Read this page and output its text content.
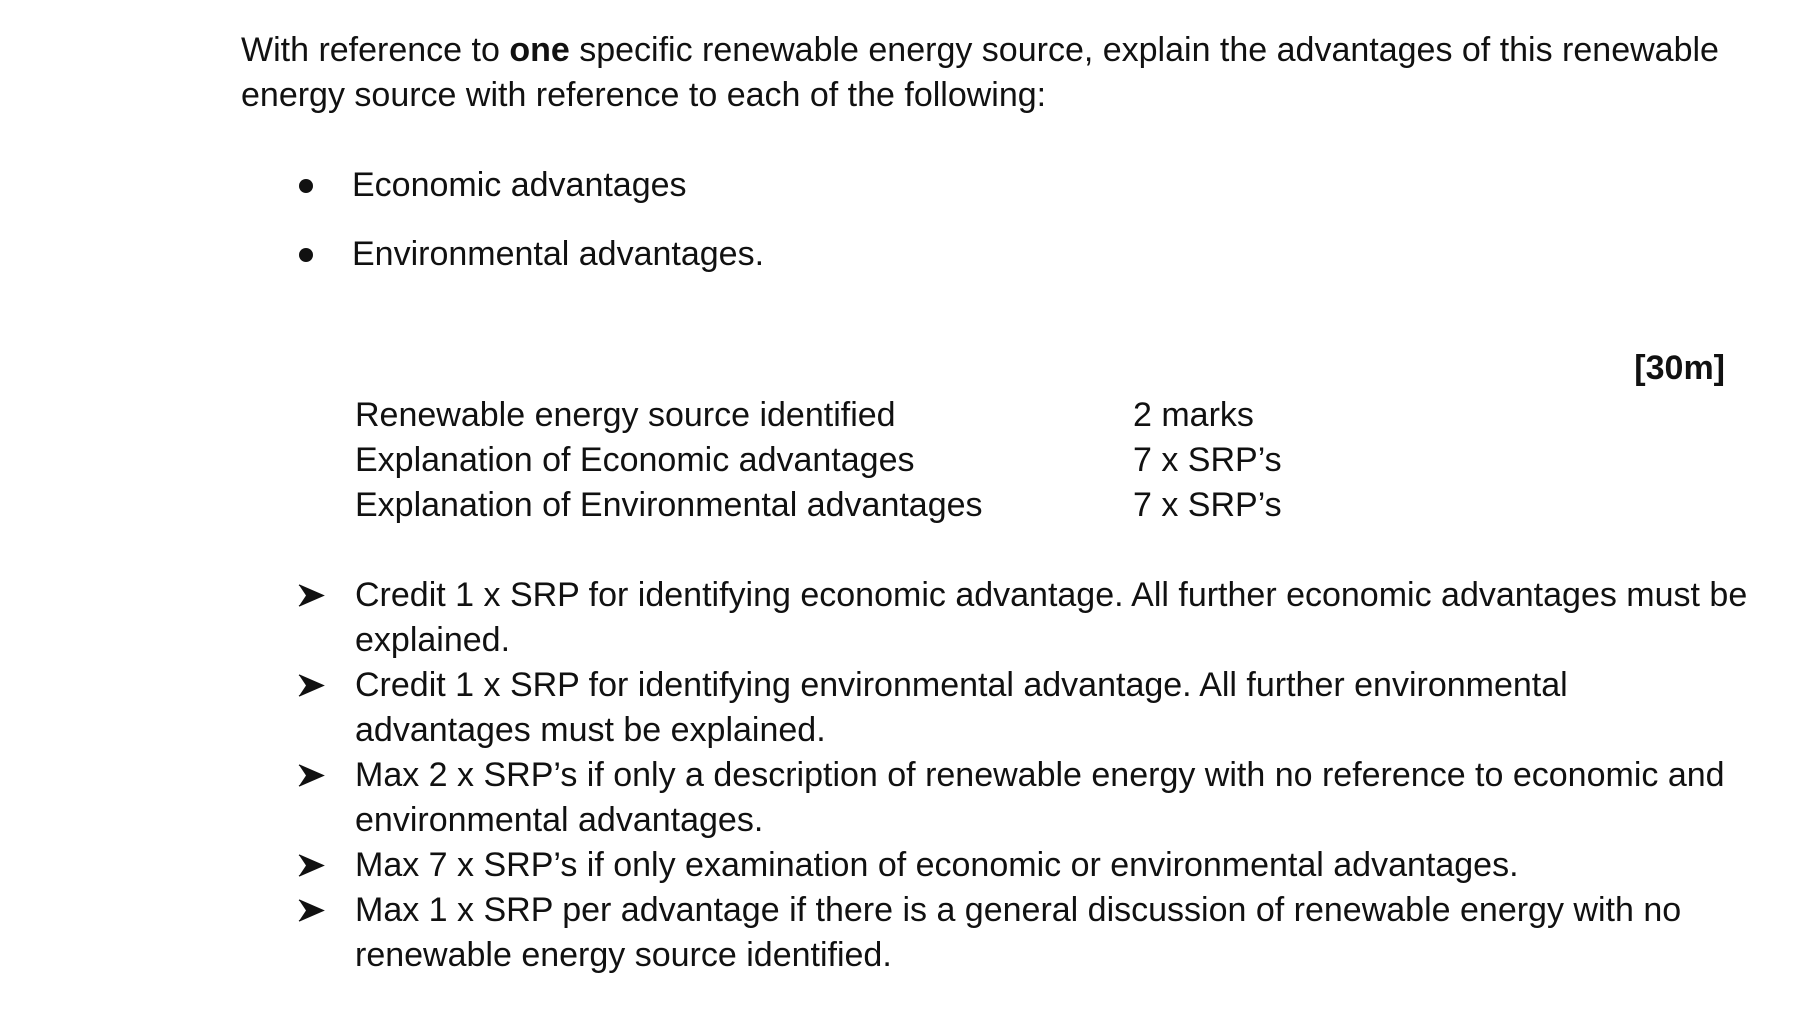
With reference to one specific renewable energy source, explain the advantages of this renewable energy source with reference to each of the following:

Economic advantages
Environmental advantages.
[30m]
Renewable energy source identified	2 marks
Explanation of Economic advantages	7 x SRP’s
Explanation of Environmental advantages	7 x SRP’s
Credit 1 x SRP for identifying economic advantage. All further economic advantages must be explained.
Credit 1 x SRP for identifying environmental advantage. All further environmental advantages must be explained.
Max 2 x SRP’s if only a description of renewable energy with no reference to economic and environmental advantages.
Max 7 x SRP’s if only examination of economic or environmental advantages.
Max 1 x SRP per advantage if there is a general discussion of renewable energy with no renewable energy source identified.
